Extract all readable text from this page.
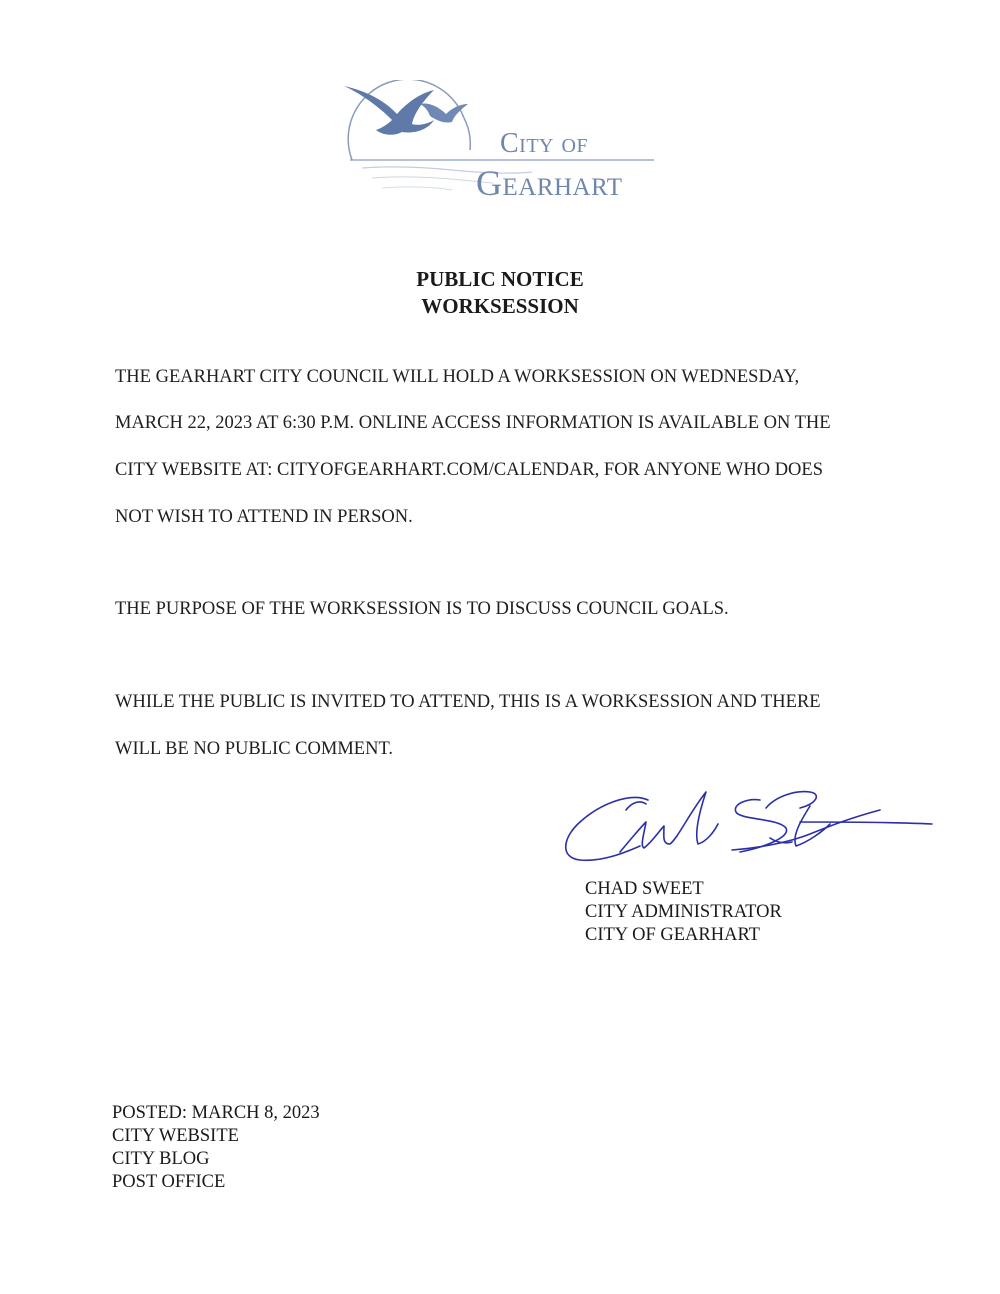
City of
Gearhart
PUBLIC NOTICE
WORKSESSION
THE GEARHART CITY COUNCIL WILL HOLD A WORKSESSION ON WEDNESDAY,
MARCH 22, 2023 AT 6:30 P.M. ONLINE ACCESS INFORMATION IS AVAILABLE ON THE
CITY WEBSITE AT: CITYOFGEARHART.COM/CALENDAR, FOR ANYONE WHO DOES
NOT WISH TO ATTEND IN PERSON.
THE PURPOSE OF THE WORKSESSION IS TO DISCUSS COUNCIL GOALS.
WHILE THE PUBLIC IS INVITED TO ATTEND, THIS IS A WORKSESSION AND THERE
WILL BE NO PUBLIC COMMENT.
CHAD SWEET
CITY ADMINISTRATOR
CITY OF GEARHART
POSTED: MARCH 8, 2023
CITY WEBSITE
CITY BLOG
POST OFFICE
